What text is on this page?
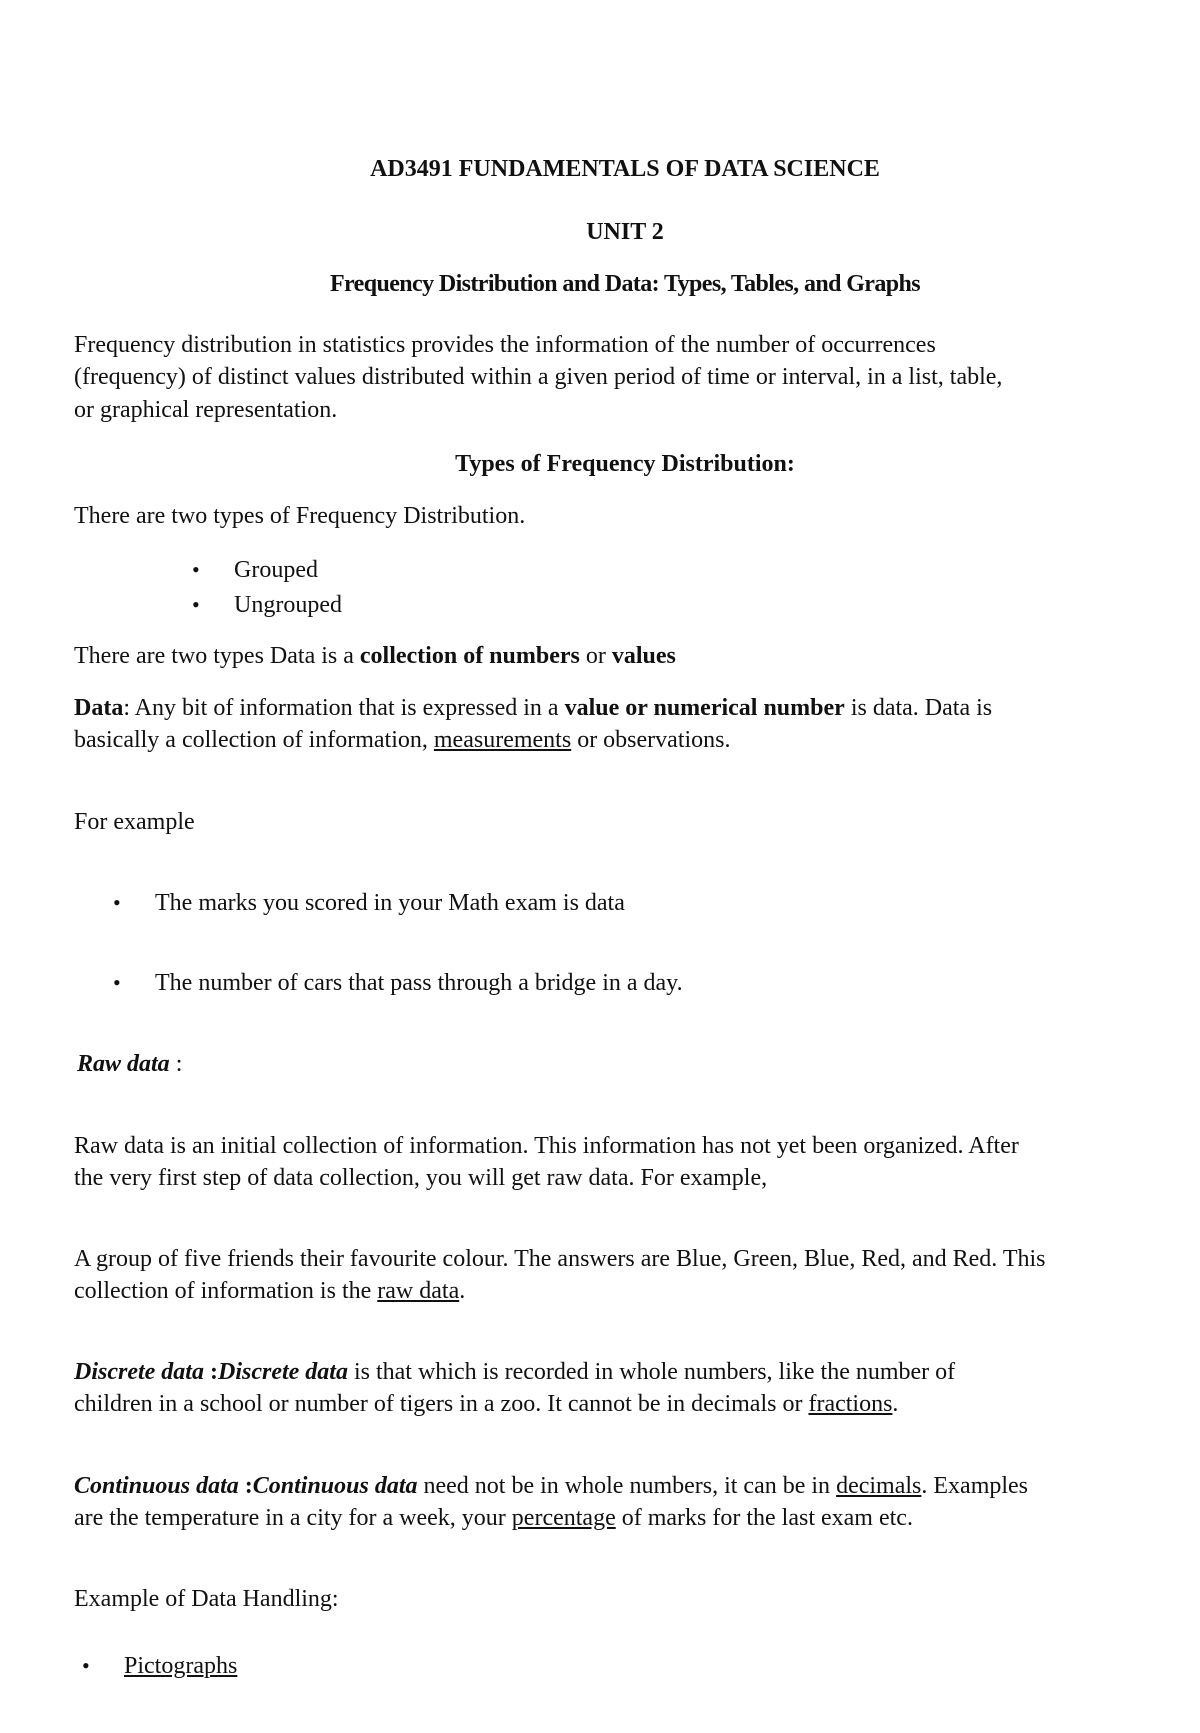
AD3491 FUNDAMENTALS OF DATA SCIENCE

UNIT 2

Frequency Distribution and Data: Types, Tables, and Graphs

Frequency distribution in statistics provides the information of the number of occurrences

(frequency) of distinct values distributed within a given period of time or interval, in a list, table,

or graphical representation.

Types of Frequency Distribution:

There are two types of Frequency Distribution.

• Grouped
• Ungrouped

There are two types Data is a collection of numbers or values

Data: Any bit of information that is expressed in a value or numerical number is data. Data is

basically a collection of information, measurements or observations.

For example

• The marks you scored in your Math exam is data
• The number of cars that pass through a bridge in a day.

Raw data :

Raw data is an initial collection of information. This information has not yet been organized. After

the very first step of data collection, you will get raw data. For example,

A group of five friends their favourite colour. The answers are Blue, Green, Blue, Red, and Red. This

collection of information is the raw data.

Discrete data :Discrete data is that which is recorded in whole numbers, like the number of

children in a school or number of tigers in a zoo. It cannot be in decimals or fractions.

Continuous data :Continuous data need not be in whole numbers, it can be in decimals. Examples

are the temperature in a city for a week, your percentage of marks for the last exam etc.

Example of Data Handling:

• Pictographs
